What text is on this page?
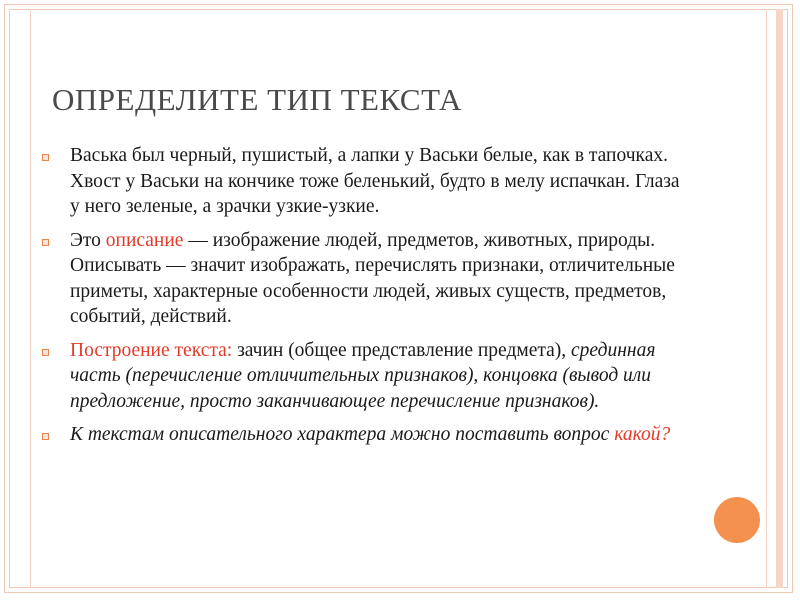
ОПРЕДЕЛИТЕ ТИП ТЕКСТА
Васька был черный, пушистый, а лапки у Васьки белые, как в тапочках. Хвост у Васьки на кончике тоже беленький, будто в мелу испачкан. Глаза у него зеленые, а зрачки узкие-узкие.
Это описание — изображение людей, предметов, животных, природы. Описывать — значит изображать, перечислять признаки, отличительные приметы, характерные особенности людей, живых существ, предметов, событий, действий.
Построение текста: зачин (общее представление предмета), срединная часть (перечисление отличительных признаков), концовка (вывод или предложение, просто заканчивающее перечисление признаков).
К текстам описательного характера можно поставить вопрос какой?
